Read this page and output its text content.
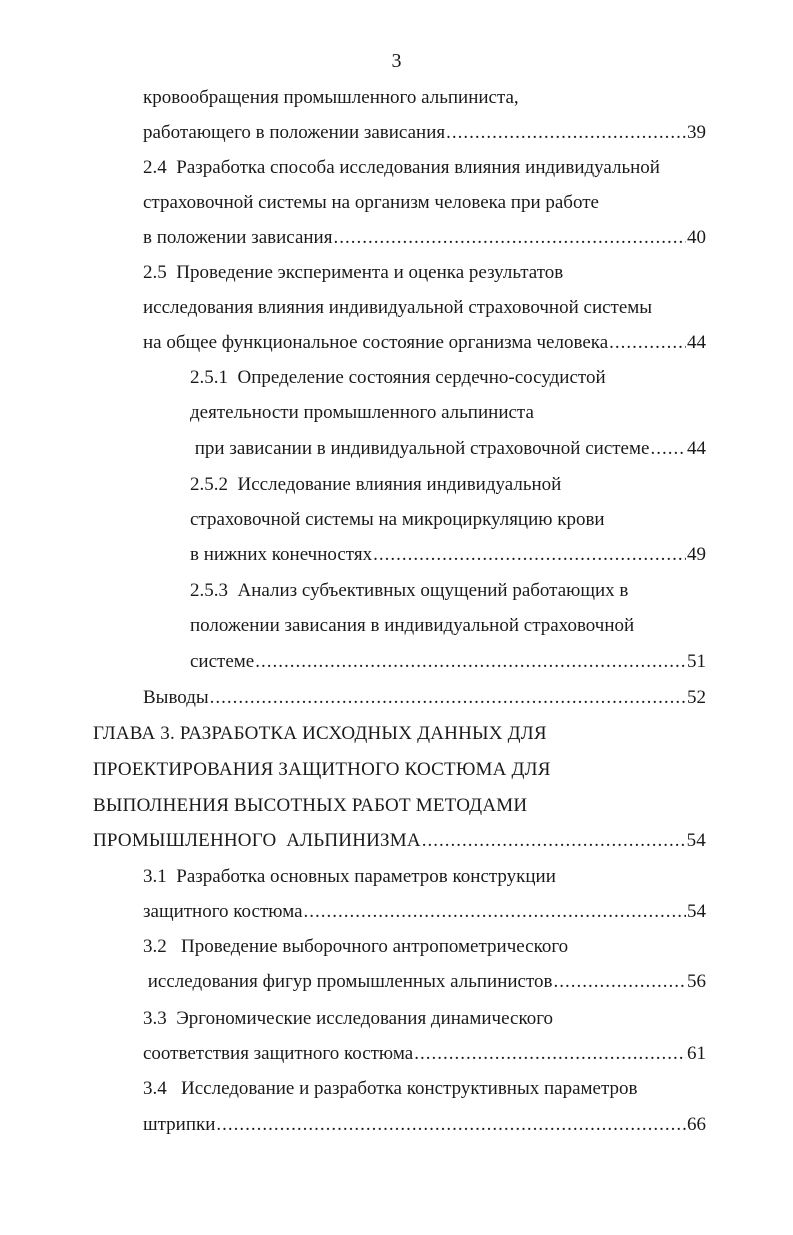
3
кровообращения промышленного альпиниста,
работающего в положении зависания .....	39
2.4  Разработка способа исследования влияния индивидуальной
страховочной системы на организм человека при работе
в положении зависания .....	40
2.5  Проведение эксперимента и оценка результатов
исследования влияния индивидуальной страховочной системы
на общее функциональное состояние организма человека .....	44
2.5.1  Определение состояния сердечно-сосудистой
деятельности промышленного альпиниста
при зависании в индивидуальной страховочной системе ..... 44
2.5.2  Исследование влияния индивидуальной
страховочной системы на микроциркуляцию крови
в нижних конечностях .....	49
2.5.3  Анализ субъективных ощущений работающих в
положении зависания в индивидуальной страховочной
системе .....	51
Выводы .....	52
ГЛАВА 3. РАЗРАБОТКА ИСХОДНЫХ ДАННЫХ ДЛЯ
ПРОЕКТИРОВАНИЯ ЗАЩИТНОГО КОСТЮМА ДЛЯ
ВЫПОЛНЕНИЯ ВЫСОТНЫХ РАБОТ МЕТОДАМИ
ПРОМЫШЛЕННОГО  АЛЬПИНИЗМА .....	54
3.1  Разработка основных параметров конструкции
защитного костюма .....	54
3.2   Проведение выборочного антропометрического
исследования фигур промышленных альпинистов .....	56
3.3  Эргономические исследования динамического
соответствия защитного костюма .....	61
3.4   Исследование и разработка конструктивных параметров
штрипки .....	66
